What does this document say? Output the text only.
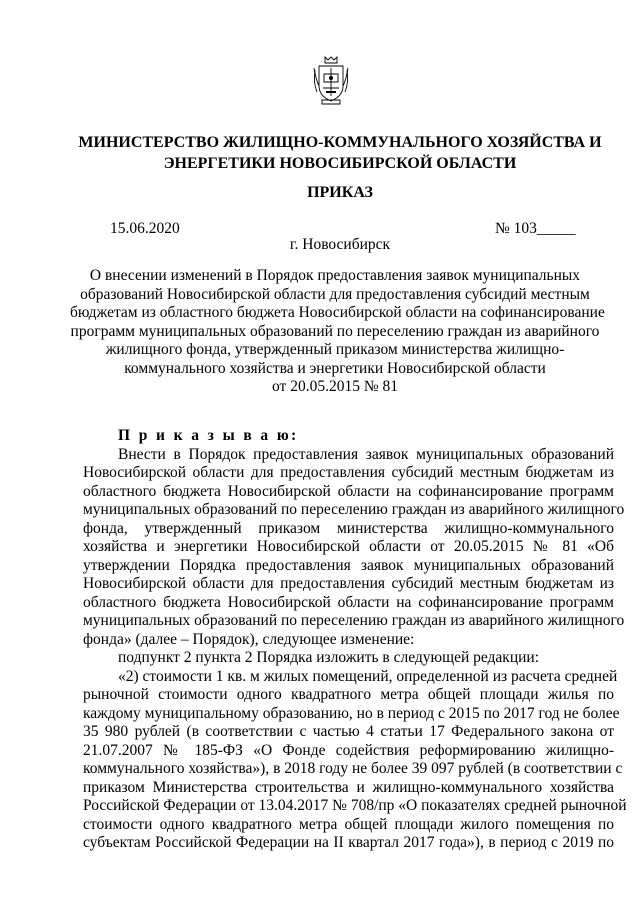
МИНИСТЕРСТВО ЖИЛИЩНО-КОММУНАЛЬНОГО ХОЗЯЙСТВА И
ЭНЕРГЕТИКИ НОВОСИБИРСКОЙ ОБЛАСТИ
ПРИКАЗ
15.06.2020	№ 103_____
г. Новосибирск
О внесении изменений в Порядок предоставления заявок муниципальных
образований Новосибирской области для предоставления субсидий местным
бюджетам из областного бюджета Новосибирской области на софинансирование
программ муниципальных образований по переселению граждан из аварийного
жилищного фонда, утвержденный приказом министерства жилищно-
коммунального хозяйства и энергетики Новосибирской области
от 20.05.2015 № 81
П р и к а з ы в а ю:
Внести в Порядок предоставления заявок муниципальных образований
Новосибирской области для предоставления субсидий местным бюджетам из
областного бюджета Новосибирской области на софинансирование программ
муниципальных образований по переселению граждан из аварийного жилищного
фонда, утвержденный приказом министерства жилищно-коммунального
хозяйства и энергетики Новосибирской области от 20.05.2015 № 81 «Об
утверждении Порядка предоставления заявок муниципальных образований
Новосибирской области для предоставления субсидий местным бюджетам из
областного бюджета Новосибирской области на софинансирование программ
муниципальных образований по переселению граждан из аварийного жилищного
фонда» (далее – Порядок), следующее изменение:
подпункт 2 пункта 2 Порядка изложить в следующей редакции:
«2) стоимости 1 кв. м жилых помещений, определенной из расчета средней
рыночной стоимости одного квадратного метра общей площади жилья по
каждому муниципальному образованию, но в период с 2015 по 2017 год не более
35 980 рублей (в соответствии с частью 4 статьи 17 Федерального закона от
21.07.2007 № 185-ФЗ «О Фонде содействия реформированию жилищно-
коммунального хозяйства»), в 2018 году не более 39 097 рублей (в соответствии с
приказом Министерства строительства и жилищно-коммунального хозяйства
Российской Федерации от 13.04.2017 № 708/пр «О показателях средней рыночной
стоимости одного квадратного метра общей площади жилого помещения по
субъектам Российской Федерации на II квартал 2017 года»), в период с 2019 по
